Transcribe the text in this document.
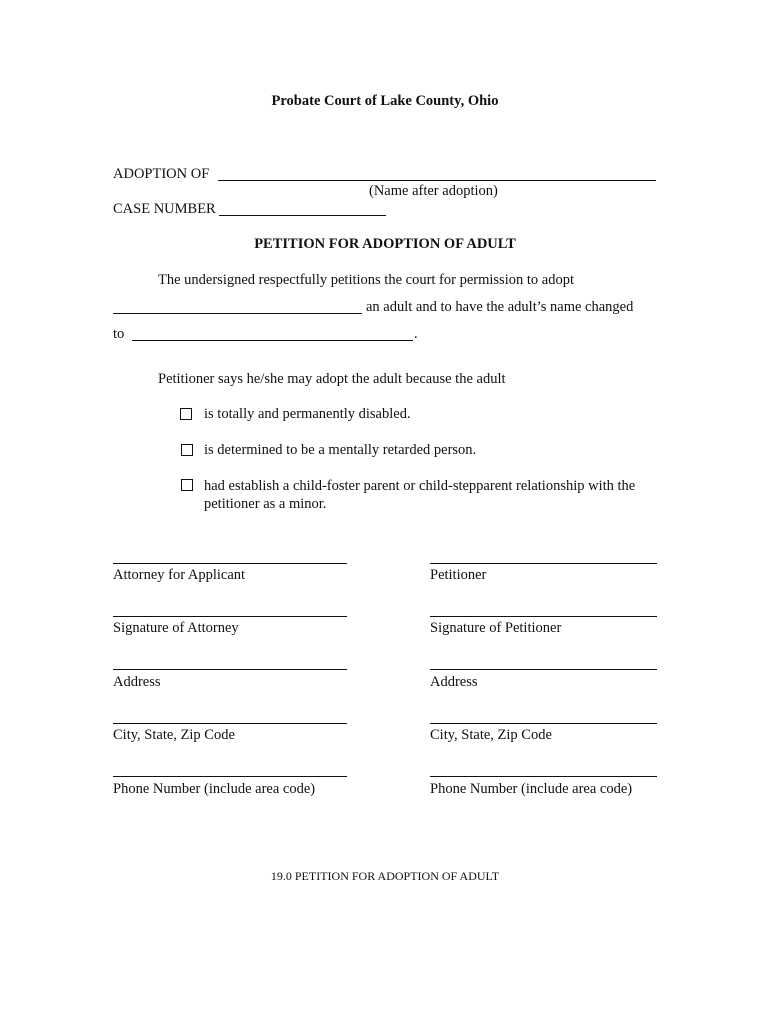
Probate Court of Lake County, Ohio
ADOPTION OF
(Name after adoption)
CASE NUMBER
PETITION FOR ADOPTION OF ADULT
The undersigned respectfully petitions the court for permission to adopt
an adult and to have the adult’s name changed
to	.
Petitioner says he/she may adopt the adult because the adult
is totally and permanently disabled.
is determined to be a mentally retarded person.
had establish a child-foster parent or child-stepparent relationship with the
petitioner as a minor.
Attorney for Applicant
Signature of Attorney
Address
City, State, Zip Code
Phone Number (include area code)
Petitioner
Signature of Petitioner
Address
City, State, Zip Code
Phone Number (include area code)
19.0 PETITION FOR ADOPTION OF ADULT
